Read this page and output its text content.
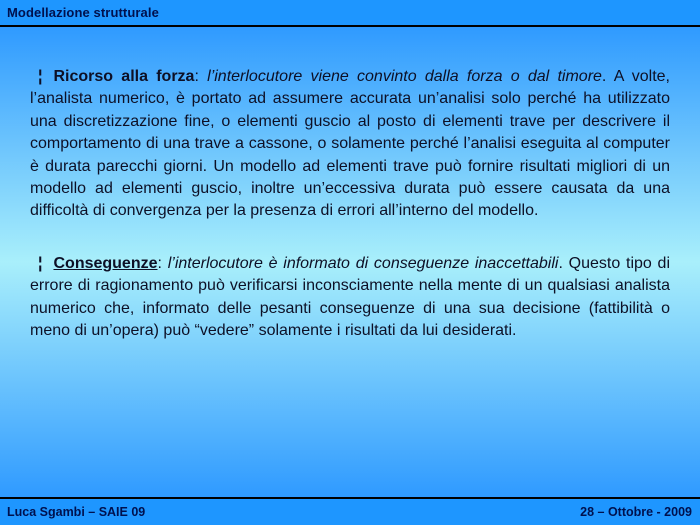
Modellazione strutturale

¦ Ricorso alla forza: l’interlocutore viene convinto dalla forza o dal timore. A volte, l’analista numerico, è portato ad assumere accurata un’analisi solo perché ha utilizzato una discretizzazione fine, o elementi guscio al posto di elementi trave per descrivere il comportamento di una trave a cassone, o solamente perché l’analisi eseguita al computer è durata parecchi giorni. Un modello ad elementi trave può fornire risultati migliori di un modello ad elementi guscio, inoltre un’eccessiva durata può essere causata da una difficoltà di convergenza per la presenza di errori all’interno del modello.

¦ Conseguenze: l’interlocutore è informato di conseguenze inaccettabili. Questo tipo di errore di ragionamento può verificarsi inconsciamente nella mente di un qualsiasi analista numerico che, informato delle pesanti conseguenze di una sua decisione (fattibilità o meno di un’opera) può “vedere” solamente i risultati da lui desiderati.

Luca Sgambi – SAIE 09	28 – Ottobre - 2009
